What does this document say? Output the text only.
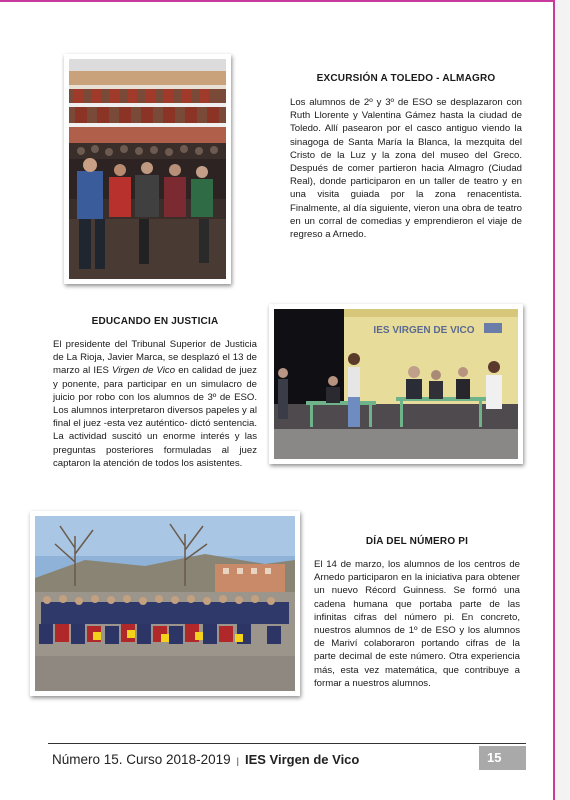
EXCURSIÓN A TOLEDO - ALMAGRO

Los alumnos de 2º y 3º de ESO se desplazaron con Ruth Llorente y Valentina Gámez hasta la ciudad de Toledo. Allí pasearon por el casco antiguo viendo la sinagoga de Santa María la Blanca, la mezquita del Cristo de la Luz y la zona del museo del Greco. Después de comer partieron hacia Almagro (Ciudad Real), donde participaron en un taller de teatro y en una visita guiada por la zona renacentista. Finalmente, al día siguiente, vieron una obra de teatro en un corral de comedias y emprendieron el viaje de regreso a Arnedo.

EDUCANDO EN JUSTICIA

El presidente del Tribunal Superior de Justicia de La Rioja, Javier Marca, se desplazó el 13 de marzo al IES Virgen de Vico en calidad de juez y ponente, para participar en un simulacro de juicio por robo con los alumnos de 3º de ESO. Los alumnos interpretaron diversos papeles y al final el juez -esta vez auténtico- dictó sentencia. La actividad suscitó un enorme interés y las preguntas posteriores formuladas al juez captaron la atención de todos los asistentes.

IES VIRGEN DE VICO
DÍA DEL NÚMERO PI

El 14 de marzo, los alumnos de los centros de Arnedo participaron en la iniciativa para obtener un nuevo Récord Guinness. Se formó una cadena humana que portaba parte de las infinitas cifras del número pi. En concreto, nuestros alumnos de 1º de ESO y los alumnos de Mariví colaboraron portando cifras de la parte decimal de este número. Otra experiencia más, esta vez matemática, que contribuye a formar a nuestros alumnos.

Número 15. Curso 2018-2019 | IES Virgen de Vico	15
